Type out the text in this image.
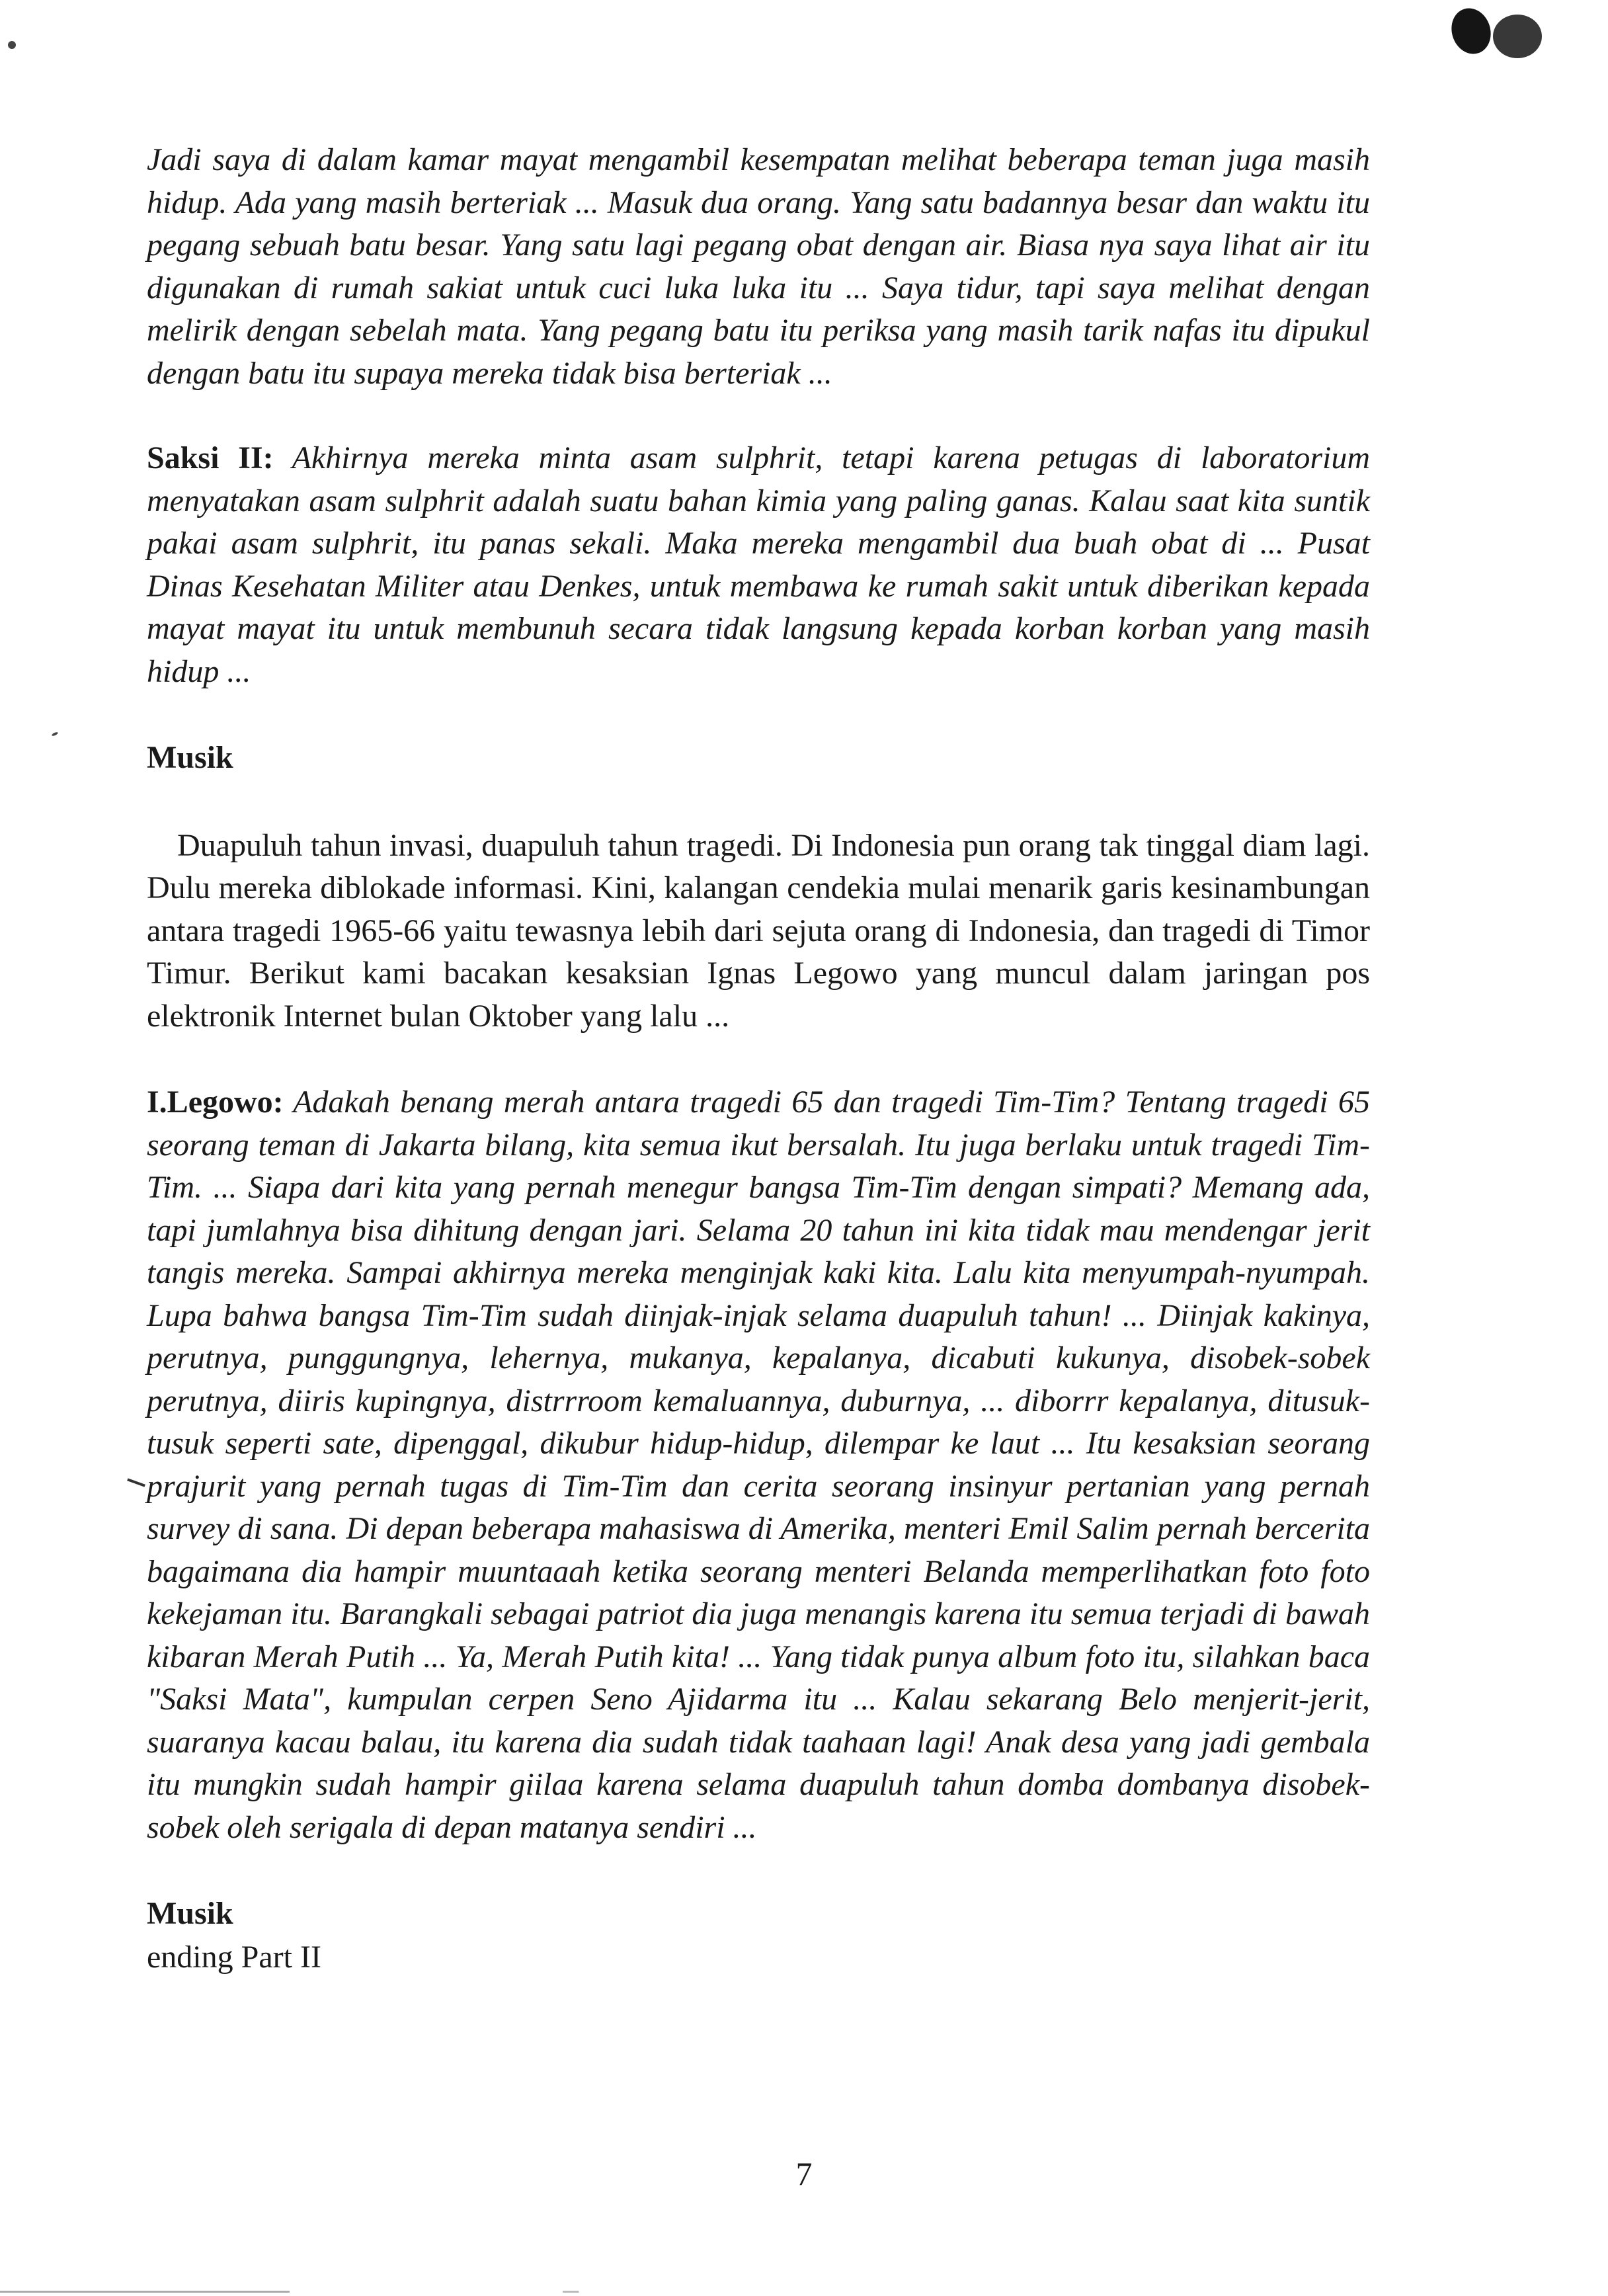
Jadi saya di dalam kamar mayat mengambil kesempatan melihat beberapa teman juga masih hidup. Ada yang masih berteriak ... Masuk dua orang. Yang satu badannya besar dan waktu itu pegang sebuah batu besar. Yang satu lagi pegang obat dengan air. Biasa nya saya lihat air itu digunakan di rumah sakiat untuk cuci luka luka itu ... Saya tidur, tapi saya melihat dengan melirik dengan sebelah mata. Yang pegang batu itu periksa yang masih tarik nafas itu dipukul dengan batu itu supaya mereka tidak bisa berteriak ...

Saksi II: Akhirnya mereka minta asam sulphrit, tetapi karena petugas di laboratorium menyatakan asam sulphrit adalah suatu bahan kimia yang paling ganas. Kalau saat kita suntik pakai asam sulphrit, itu panas sekali. Maka mereka mengambil dua buah obat di ... Pusat Dinas Kesehatan Militer atau Denkes, untuk membawa ke rumah sakit untuk diberikan kepada mayat mayat itu untuk membunuh secara tidak langsung kepada korban korban yang masih hidup ...

Musik

Duapuluh tahun invasi, duapuluh tahun tragedi. Di Indonesia pun orang tak tinggal diam lagi. Dulu mereka diblokade informasi. Kini, kalangan cendekia mulai menarik garis kesinambungan antara tragedi 1965-66 yaitu tewasnya lebih dari sejuta orang di Indonesia, dan tragedi di Timor Timur. Berikut kami bacakan kesaksian Ignas Legowo yang muncul dalam jaringan pos elektronik Internet bulan Oktober yang lalu ...

I.Legowo: Adakah benang merah antara tragedi 65 dan tragedi Tim-Tim? Tentang tragedi 65 seorang teman di Jakarta bilang, kita semua ikut bersalah. Itu juga berlaku untuk tragedi Tim-Tim. ... Siapa dari kita yang pernah menegur bangsa Tim-Tim dengan simpati? Memang ada, tapi jumlahnya bisa dihitung dengan jari. Selama 20 tahun ini kita tidak mau mendengar jerit tangis mereka. Sampai akhirnya mereka menginjak kaki kita. Lalu kita menyumpah-nyumpah. Lupa bahwa bangsa Tim-Tim sudah diinjak-injak selama duapuluh tahun! ... Diinjak kakinya, perutnya, punggungnya, lehernya, mukanya, kepalanya, dicabuti kukunya, disobek-sobek perutnya, diiris kupingnya, distrrroom kemaluannya, duburnya, ... diborrr kepalanya, ditusuk-tusuk seperti sate, dipenggal, dikubur hidup-hidup, dilempar ke laut ... Itu kesaksian seorang prajurit yang pernah tugas di Tim-Tim dan cerita seorang insinyur pertanian yang pernah survey di sana. Di depan beberapa mahasiswa di Amerika, menteri Emil Salim pernah bercerita bagaimana dia hampir muuntaaah ketika seorang menteri Belanda memperlihatkan foto foto kekejaman itu. Barangkali sebagai patriot dia juga menangis karena itu semua terjadi di bawah kibaran Merah Putih ... Ya, Merah Putih kita! ... Yang tidak punya album foto itu, silahkan baca "Saksi Mata", kumpulan cerpen Seno Ajidarma itu ... Kalau sekarang Belo menjerit-jerit, suaranya kacau balau, itu karena dia sudah tidak taahaan lagi! Anak desa yang jadi gembala itu mungkin sudah hampir giilaa karena selama duapuluh tahun domba dombanya disobek-sobek oleh serigala di depan matanya sendiri ...

Musik

ending Part II

7
